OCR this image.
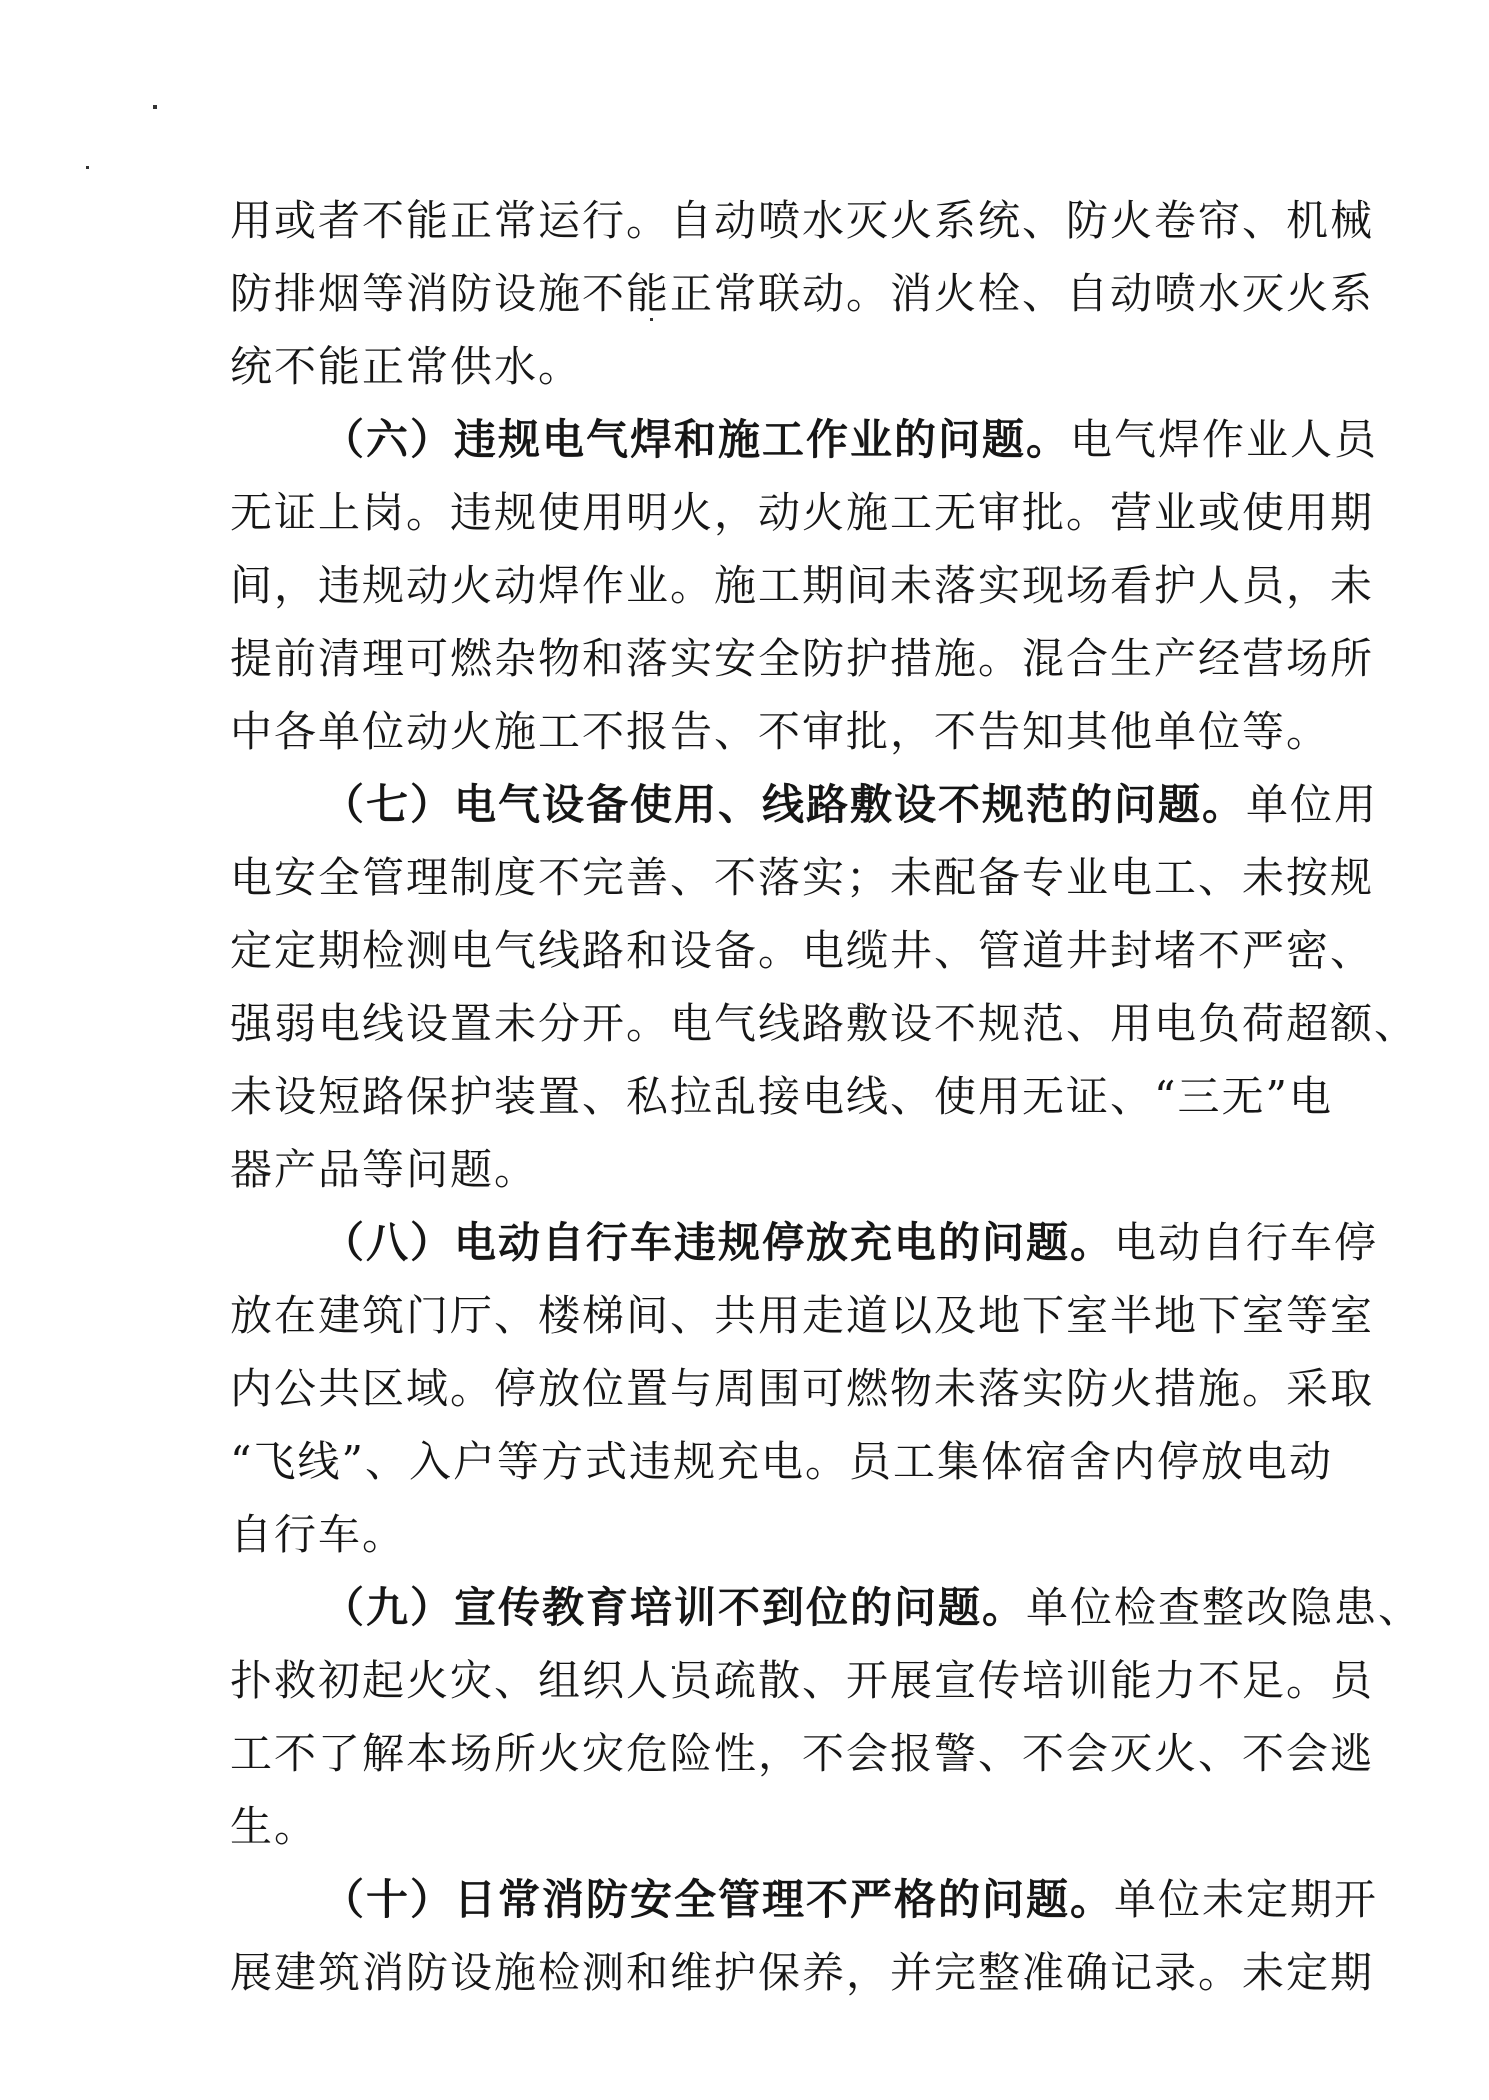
用或者不能正常运行。自动喷水灭火系统、防火卷帘、机械
防排烟等消防设施不能正常联动。消火栓、自动喷水灭火系
统不能正常供水。
（六）违规电气焊和施工作业的问题。电气焊作业人员
无证上岗。违规使用明火，动火施工无审批。营业或使用期
间，违规动火动焊作业。施工期间未落实现场看护人员，未
提前清理可燃杂物和落实安全防护措施。混合生产经营场所
中各单位动火施工不报告、不审批，不告知其他单位等。
（七）电气设备使用、线路敷设不规范的问题。单位用
电安全管理制度不完善、不落实；未配备专业电工、未按规
定定期检测电气线路和设备。电缆井、管道井封堵不严密、
强弱电线设置未分开。电气线路敷设不规范、用电负荷超额、
未设短路保护装置、私拉乱接电线、使用无证、“三无”电
器产品等问题。
（八）电动自行车违规停放充电的问题。电动自行车停
放在建筑门厅、楼梯间、共用走道以及地下室半地下室等室
内公共区域。停放位置与周围可燃物未落实防火措施。采取
“飞线”、入户等方式违规充电。员工集体宿舍内停放电动
自行车。
（九）宣传教育培训不到位的问题。单位检查整改隐患、
扑救初起火灾、组织人员疏散、开展宣传培训能力不足。员
工不了解本场所火灾危险性，不会报警、不会灭火、不会逃
生。
（十）日常消防安全管理不严格的问题。单位未定期开
展建筑消防设施检测和维护保养，并完整准确记录。未定期
